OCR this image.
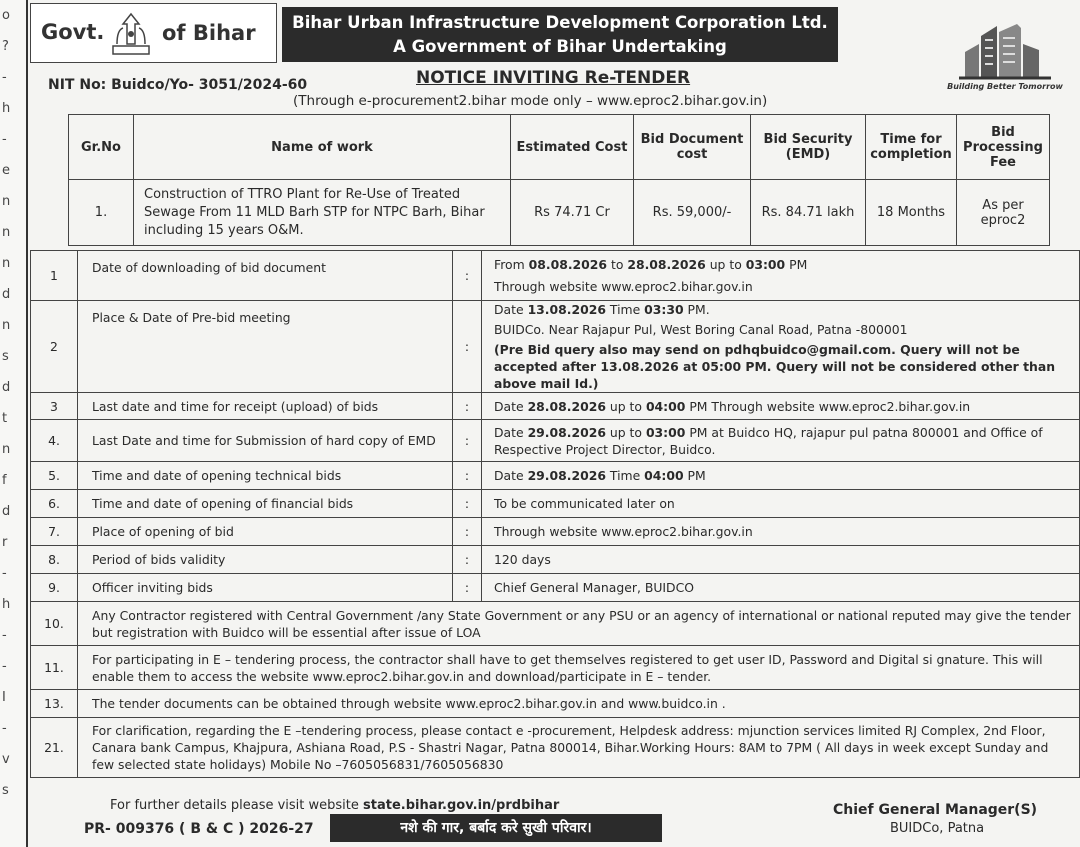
o
?
-
h
-
e
n
n
n
d
n
s
d
t
n
f
d
r
-
h
-
-
I
-
v
s
Govt.	of Bihar	Bihar Urban Infrastructure Development Corporation Ltd.
A Government of Bihar Undertaking
Building Better Tomorrow
NIT No: Buidco/Yo- 3051/2024-60	NOTICE INVITING Re-TENDER
(Through e-procurement2.bihar mode only – www.eproc2.bihar.gov.in)
Gr.No	Name of work	Estimated Cost	Bid Document cost	Bid Security (EMD)	Time for completion	Bid Processing Fee
1.	Construction of TTRO Plant for Re-Use of Treated Sewage From 11 MLD Barh STP for NTPC Barh, Bihar including 15 years O&M.	Rs 74.71 Cr	Rs. 59,000/-	Rs. 84.71 lakh	18 Months	As per eproc2
1	Date of downloading of bid document	:	From 08.08.2026 to 28.08.2026 up to 03:00 PM
Through website www.eproc2.bihar.gov.in

2	Place & Date of Pre-bid meeting	:	Date 13.08.2026 Time 03:30 PM.
BUIDCo. Near Rajapur Pul, West Boring Canal Road, Patna -800001
(Pre Bid query also may send on pdhqbuidco@gmail.com. Query will not be accepted after 13.08.2026 at 05:00 PM. Query will not be considered other than above mail Id.)

3	Last date and time for receipt (upload) of bids	:	Date 28.08.2026 up to 04:00 PM Through website www.eproc2.bihar.gov.in
4.	Last Date and time for Submission of hard copy of EMD	:	Date 29.08.2026 up to 03:00 PM at Buidco HQ, rajapur pul patna 800001 and Office of Respective Project Director, Buidco.
5.	Time and date of opening technical bids	:	Date 29.08.2026 Time 04:00 PM
6.	Time and date of opening of financial bids	:	To be communicated later on
7.	Place of opening of bid	:	Through website www.eproc2.bihar.gov.in
8.	Period of bids validity	:	120 days
9.	Officer inviting bids	:	Chief General Manager, BUIDCO
10.	Any Contractor registered with Central Government /any State Government or any PSU or an agency of international or national reputed may give the tender but registration with Buidco will be essential after issue of LOA		
11.	For participating in E – tendering process, the contractor shall have to get themselves registered to get user ID, Password and Digital si gnature. This will enable them to access the website www.eproc2.bihar.gov.in and download/participate in E – tender.		
13.	The tender documents can be obtained through website www.eproc2.bihar.gov.in and www.buidco.in .		
21.	For clarification, regarding the E –tendering process, please contact e -procurement, Helpdesk address: mjunction services limited RJ Complex, 2nd Floor, Canara bank Campus, Khajpura, Ashiana Road, P.S - Shastri Nagar, Patna 800014, Bihar.Working Hours: 8AM to 7PM ( All days in week except Sunday and few selected state holidays) Mobile No –7605056831/7605056830		
For further details please visit website state.bihar.gov.in/prdbihar
PR- 009376 ( B & C ) 2026-27	नशे की गार, बर्बाद करे सुखी परिवार।
Chief General Manager(S)
BUIDCo, Patna
